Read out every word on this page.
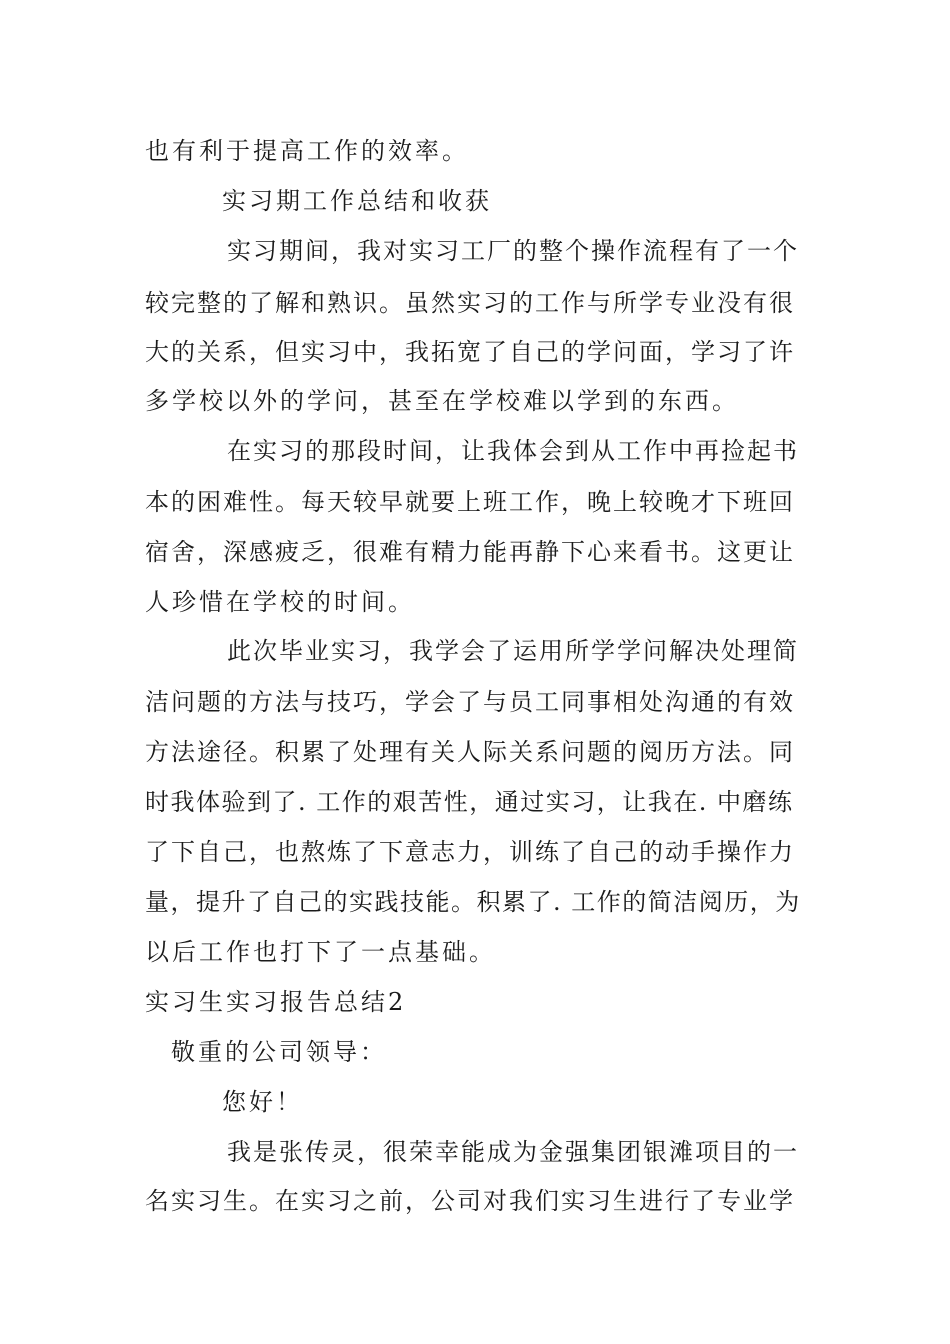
也有利于提高工作的效率。
实习期工作总结和收获
实习期间，我对实习工厂的整个操作流程有了一个
较完整的了解和熟识。虽然实习的工作与所学专业没有很
大的关系，但实习中，我拓宽了自己的学问面，学习了许
多学校以外的学问，甚至在学校难以学到的东西。
在实习的那段时间，让我体会到从工作中再捡起书
本的困难性。每天较早就要上班工作，晚上较晚才下班回
宿舍，深感疲乏，很难有精力能再静下心来看书。这更让
人珍惜在学校的时间。
此次毕业实习，我学会了运用所学学问解决处理简
洁问题的方法与技巧，学会了与员工同事相处沟通的有效
方法途径。积累了处理有关人际关系问题的阅历方法。同
时我体验到了. 工作的艰苦性，通过实习，让我在. 中磨练
了下自己，也熬炼了下意志力，训练了自己的动手操作力
量，提升了自己的实践技能。积累了. 工作的简洁阅历，为
以后工作也打下了一点基础。
实习生实习报告总结2
敬重的公司领导：
您好！
我是张传灵，很荣幸能成为金强集团银滩项目的一
名实习生。在实习之前，公司对我们实习生进行了专业学
